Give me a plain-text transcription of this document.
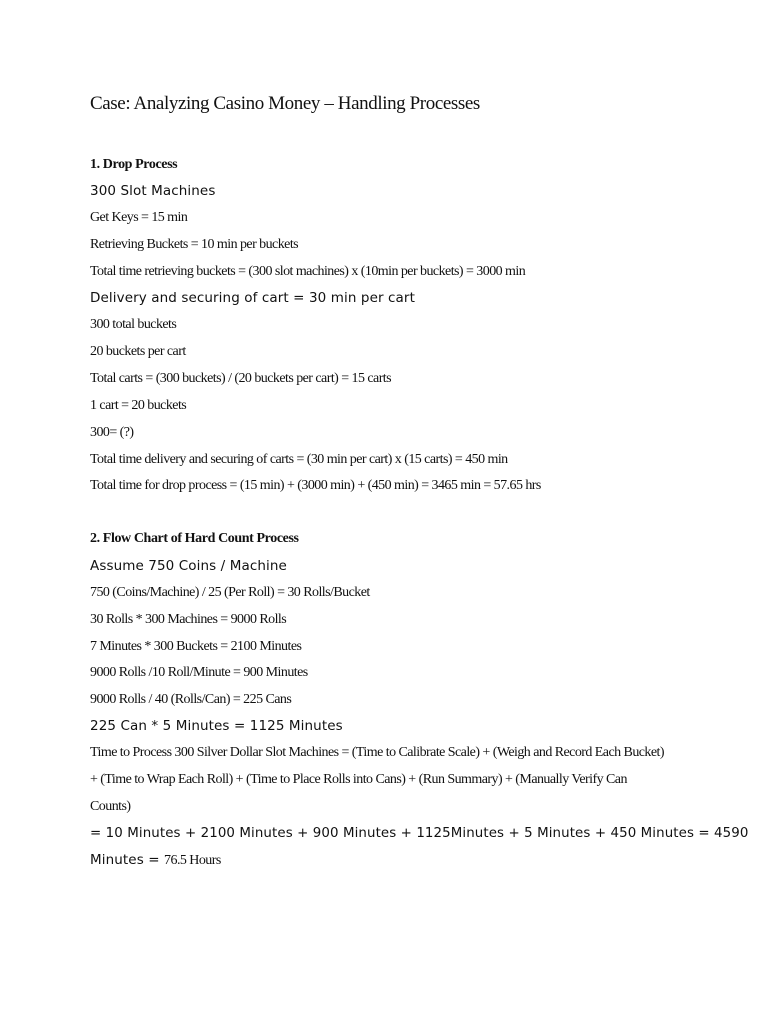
Case: Analyzing Casino Money – Handling Processes
1. Drop Process
300 Slot Machines
Get Keys = 15 min
Retrieving Buckets = 10 min per buckets
Total time retrieving buckets = (300 slot machines) x (10min per buckets) = 3000 min
Delivery and securing of cart = 30 min per cart
300 total buckets
20 buckets per cart
Total carts = (300 buckets) / (20 buckets per cart) = 15 carts
1 cart = 20 buckets
300= (?)
Total time delivery and securing of carts = (30 min per cart) x (15 carts) = 450 min
Total time for drop process = (15 min) + (3000 min) + (450 min) = 3465 min = 57.65 hrs
2. Flow Chart of Hard Count Process
Assume 750 Coins / Machine
750 (Coins/Machine) / 25 (Per Roll) = 30 Rolls/Bucket
30 Rolls * 300 Machines = 9000 Rolls
7 Minutes * 300 Buckets = 2100 Minutes
9000 Rolls /10 Roll/Minute = 900 Minutes
9000 Rolls / 40 (Rolls/Can) = 225 Cans
225 Can * 5 Minutes = 1125 Minutes
Time to Process 300 Silver Dollar Slot Machines = (Time to Calibrate Scale) + (Weigh and Record Each Bucket)
+ (Time to Wrap Each Roll) + (Time to Place Rolls into Cans) + (Run Summary) + (Manually Verify Can
Counts)
= 10 Minutes + 2100 Minutes + 900 Minutes + 1125Minutes + 5 Minutes + 450 Minutes = 4590
Minutes = 76.5 Hours
